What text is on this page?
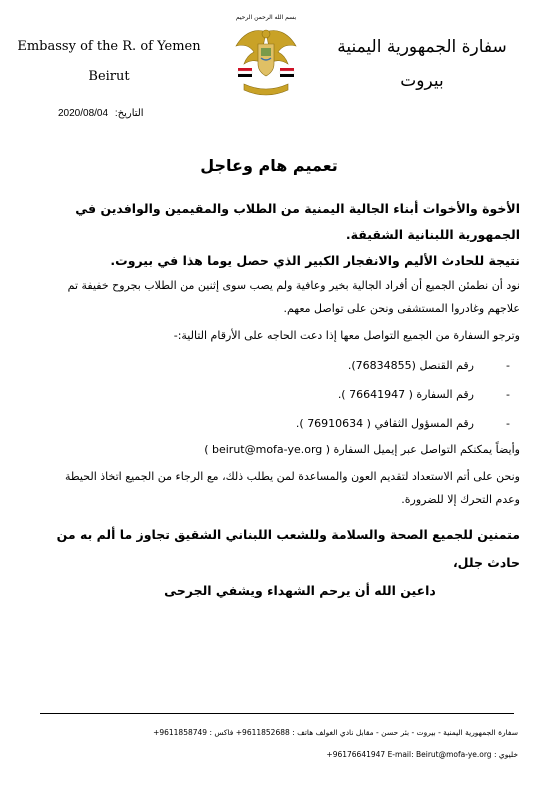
Embassy of the R. of Yemen
Beirut
بسم الله الرحمن الرحيم
سفارة الجمهورية اليمنية
بيروت
التاريخ: 2020/08/04
تعميم هام وعاجل

الأخوة والأخوات أبناء الجالية اليمنية من الطلاب والمقيمين والوافدين في الجمهورية اللبنانية الشقيقة.

نتيجة للحادث الأليم والانفجار الكبير الذي حصل يوما هذا في بيروت.

نود أن نطمئن الجميع أن أفراد الجالية بخير وعافية ولم يصب سوى إثنين من الطلاب بجروح خفيفة تم علاجهم وغادروا المستشفى ونحن على تواصل معهم.

وترجو السفارة من الجميع التواصل معها إذا دعت الحاجه على الأرقام التالية:-

-
رقم القنصل (76834855).
-
رقم السفارة ( 76641947 ).
-
رقم المسؤول الثقافي ( 76910634 ).

وأيضاً يمكنكم التواصل عبر إيميل السفارة ( beirut@mofa-ye.org )

ونحن على أتم الاستعداد لتقديم العون والمساعدة لمن يطلب ذلك، مع الرجاء من الجميع اتخاذ الحيطة وعدم التحرك إلا للضرورة.

متمنين للجميع الصحة والسلامة وللشعب اللبناني الشقيق تجاوز ما ألم به من حادث جلل،

داعين الله أن يرحم الشهداء ويشفي الجرحى

سفارة الجمهورية اليمنية - بيروت - بئر حسن - مقابل نادي الغولف هاتف : ‎+9611852688‎ فاكس : ‎+9611858749
خليوي : ‎+96176641947‎ E-mail: Beirut@mofa-ye.org
